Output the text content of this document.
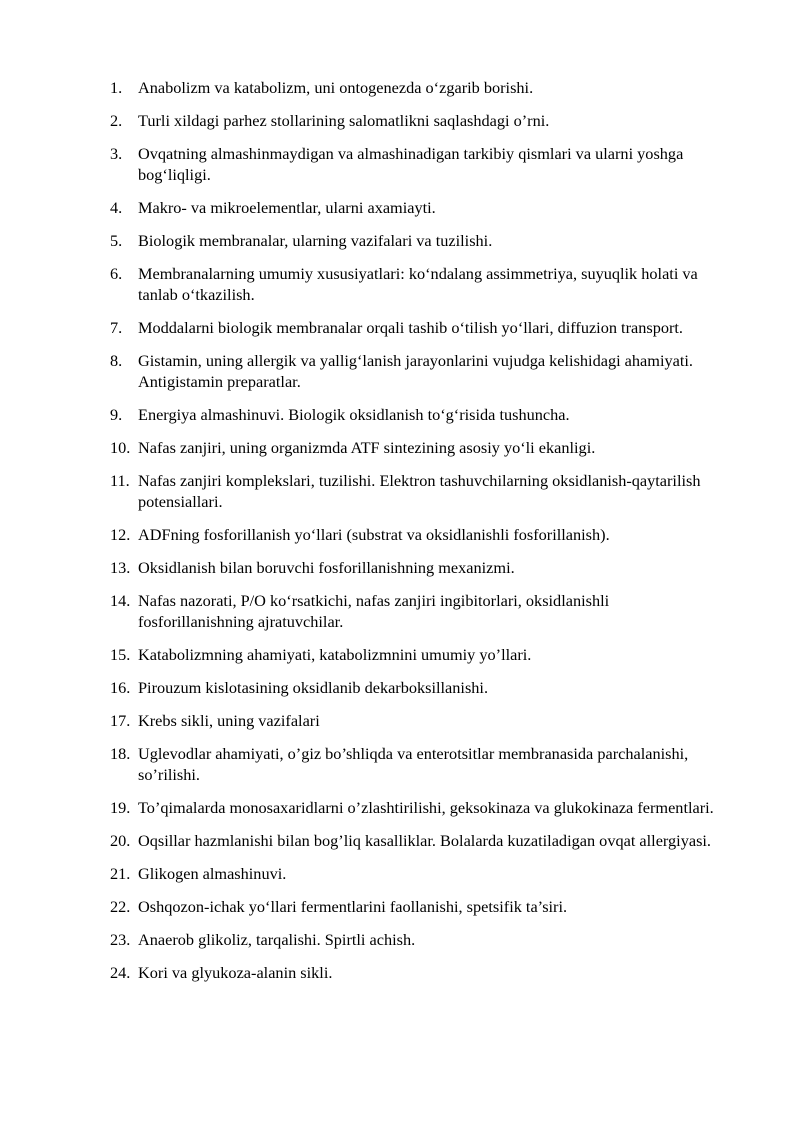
1. Anabolizm va katabolizm, uni ontogenezda o‘zgarib borishi.
2. Turli xildagi parhez stollarining salomatlikni saqlashdagi o’rni.
3. Ovqatning almashinmaydigan va almashinadigan tarkibiy qismlari va ularni yoshga bog‘liqligi.
4. Makro- va mikroelementlar, ularni axamiayti.
5. Biologik membranalar, ularning vazifalari va tuzilishi.
6. Membranalarning umumiy xususiyatlari: ko‘ndalang assimmetriya, suyuqlik holati va tanlab o‘tkazilish.
7. Moddalarni biologik membranalar orqali tashib o‘tilish yo‘llari, diffuzion transport.
8. Gistamin, uning allergik va yallig‘lanish jarayonlarini vujudga kelishidagi ahamiyati. Antigistamin preparatlar.
9. Energiya almashinuvi. Biologik oksidlanish to‘g‘risida tushuncha.
10. Nafas zanjiri, uning organizmda ATF sintezining asosiy yo‘li ekanligi.
11. Nafas zanjiri komplekslari, tuzilishi. Elektron tashuvchilarning oksidlanish-qaytarilish potensiallari.
12. ADFning fosforillanish yo‘llari (substrat va oksidlanishli fosforillanish).
13. Oksidlanish bilan boruvchi fosforillanishning mexanizmi.
14. Nafas nazorati, P/O ko‘rsatkichi, nafas zanjiri ingibitorlari, oksidlanishli fosforillanishning ajratuvchilar.
15. Katabolizmning ahamiyati, katabolizmnini umumiy yo’llari.
16. Pirouzum kislotasining oksidlanib dekarboksillanishi.
17. Krebs sikli, uning vazifalari
18. Uglevodlar ahamiyati, o’giz bo’shliqda va enterotsitlar membranasida parchalanishi, so’rilishi.
19. To’qimalarda monosaxaridlarni o’zlashtirilishi, geksokinaza va glukokinaza fermentlari.
20. Oqsillar hazmlanishi bilan bog’liq kasalliklar. Bolalarda kuzatiladigan ovqat allergiyasi.
21. Glikogen almashinuvi.
22. Oshqozon-ichak yo‘llari fermentlarini faollanishi, spetsifik ta’siri.
23. Anaerob glikoliz, tarqalishi. Spirtli achish.
24. Kori va glyukoza-alanin sikli.
